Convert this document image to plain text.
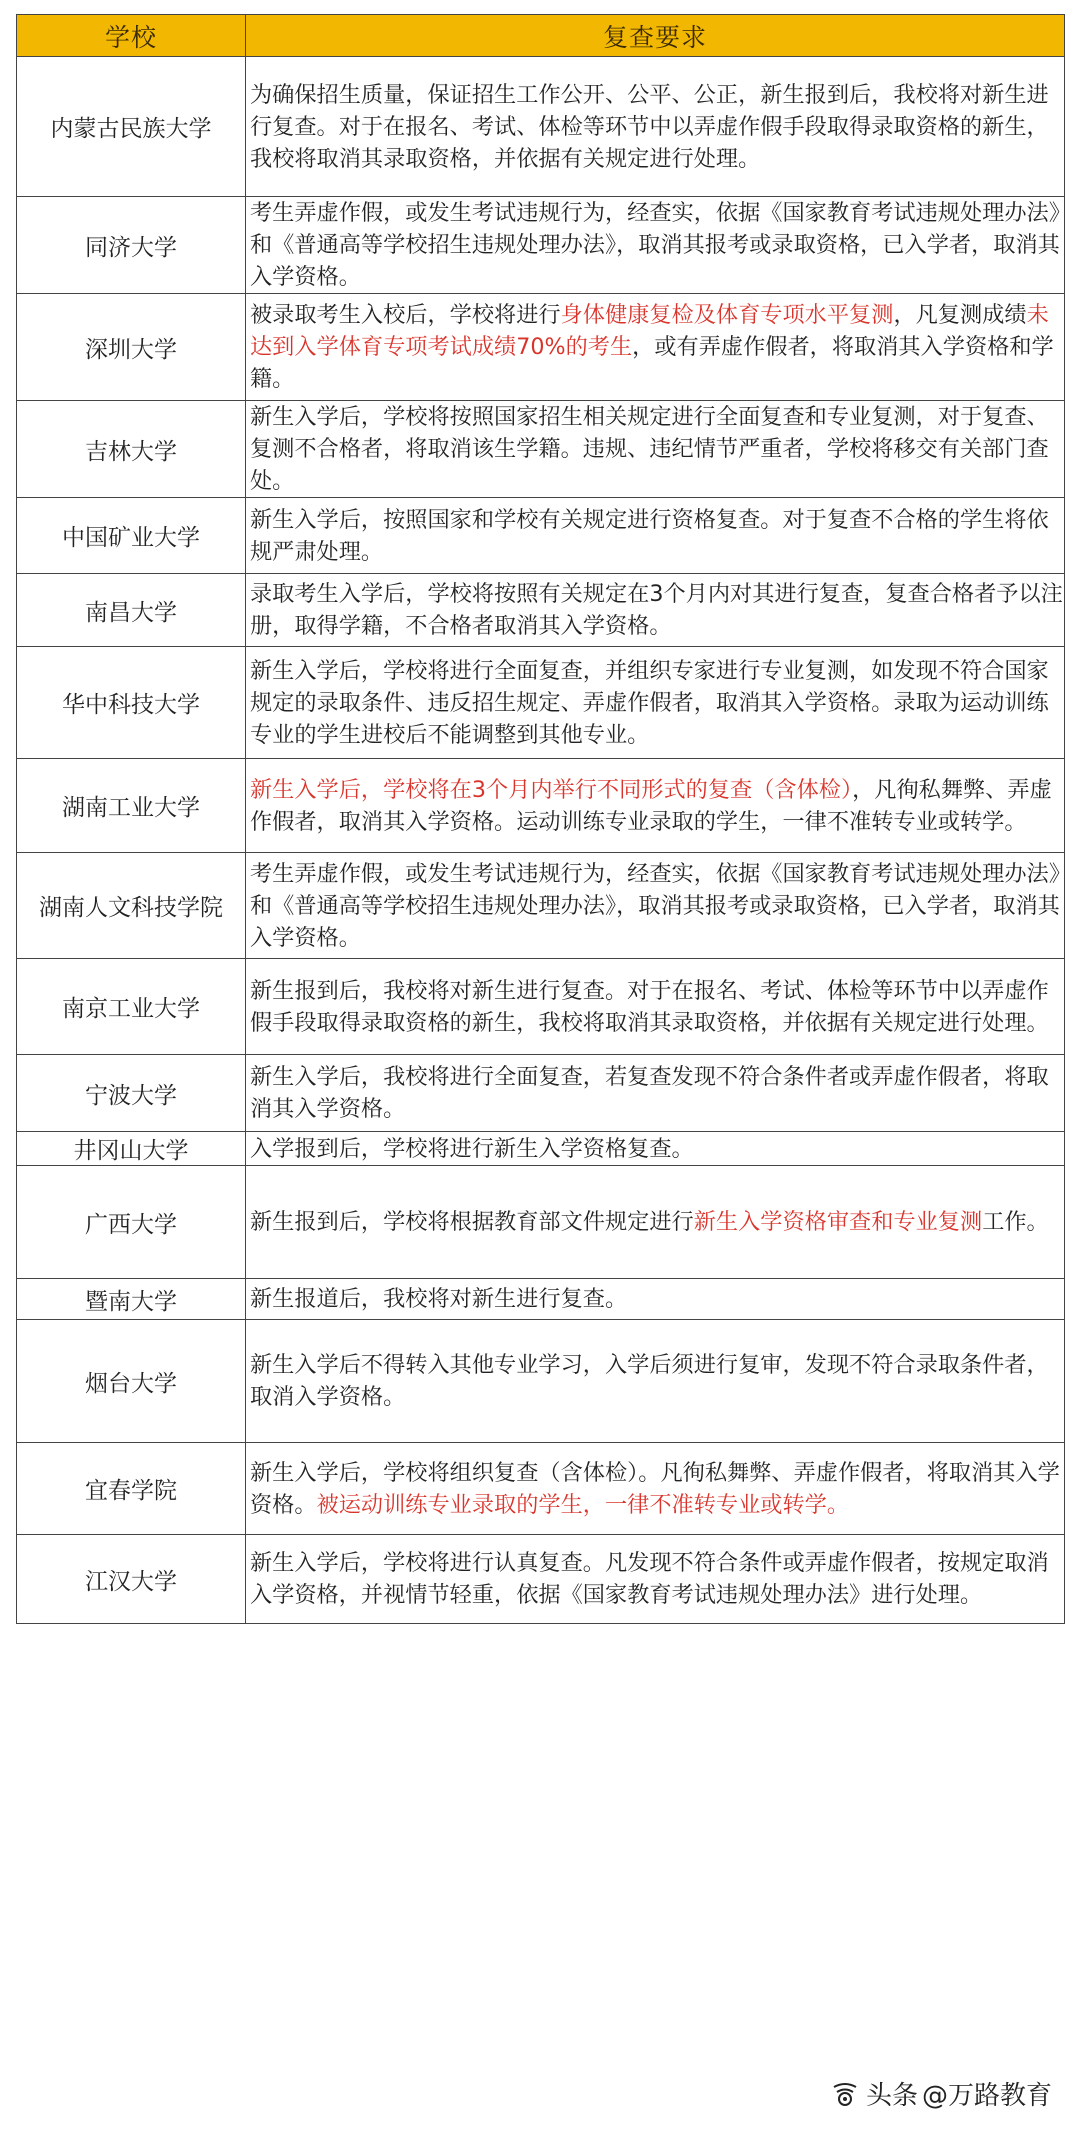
学校	复查要求
内蒙古民族大学	为确保招生质量，保证招生工作公开、公平、公正，新生报到后，我校将对新生进行复查。对于在报名、考试、体检等环节中以弄虚作假手段取得录取资格的新生，我校将取消其录取资格，并依据有关规定进行处理。
同济大学	考生弄虚作假，或发生考试违规行为，经查实，依据《国家教育考试违规处理办法》和《普通高等学校招生违规处理办法》，取消其报考或录取资格，已入学者，取消其入学资格。
深圳大学	被录取考生入校后，学校将进行身体健康复检及体育专项水平复测，凡复测成绩未达到入学体育专项考试成绩70%的考生，或有弄虚作假者，将取消其入学资格和学籍。
吉林大学	新生入学后，学校将按照国家招生相关规定进行全面复查和专业复测，对于复查、复测不合格者，将取消该生学籍。违规、违纪情节严重者，学校将移交有关部门查处。
中国矿业大学	新生入学后，按照国家和学校有关规定进行资格复查。对于复查不合格的学生将依规严肃处理。
南昌大学	录取考生入学后，学校将按照有关规定在3个月内对其进行复查，复查合格者予以注册，取得学籍，不合格者取消其入学资格。
华中科技大学	新生入学后，学校将进行全面复查，并组织专家进行专业复测，如发现不符合国家规定的录取条件、违反招生规定、弄虚作假者，取消其入学资格。录取为运动训练专业的学生进校后不能调整到其他专业。
湖南工业大学	新生入学后，学校将在3个月内举行不同形式的复查（含体检），凡徇私舞弊、弄虚作假者，取消其入学资格。运动训练专业录取的学生，一律不准转专业或转学。
湖南人文科技学院	考生弄虚作假，或发生考试违规行为，经查实，依据《国家教育考试违规处理办法》和《普通高等学校招生违规处理办法》，取消其报考或录取资格，已入学者，取消其入学资格。
南京工业大学	新生报到后，我校将对新生进行复查。对于在报名、考试、体检等环节中以弄虚作假手段取得录取资格的新生，我校将取消其录取资格，并依据有关规定进行处理。
宁波大学	新生入学后，我校将进行全面复查，若复查发现不符合条件者或弄虚作假者，将取消其入学资格。
井冈山大学	入学报到后，学校将进行新生入学资格复查。
广西大学	新生报到后，学校将根据教育部文件规定进行新生入学资格审查和专业复测工作。
暨南大学	新生报道后，我校将对新生进行复查。
烟台大学	新生入学后不得转入其他专业学习，入学后须进行复审，发现不符合录取条件者，取消入学资格。
宜春学院	新生入学后，学校将组织复查（含体检）。凡徇私舞弊、弄虚作假者，将取消其入学资格。被运动训练专业录取的学生，一律不准转专业或转学。
江汉大学	新生入学后，学校将进行认真复查。凡发现不符合条件或弄虚作假者，按规定取消入学资格，并视情节轻重，依据《国家教育考试违规处理办法》进行处理。
头条 @万路教育
